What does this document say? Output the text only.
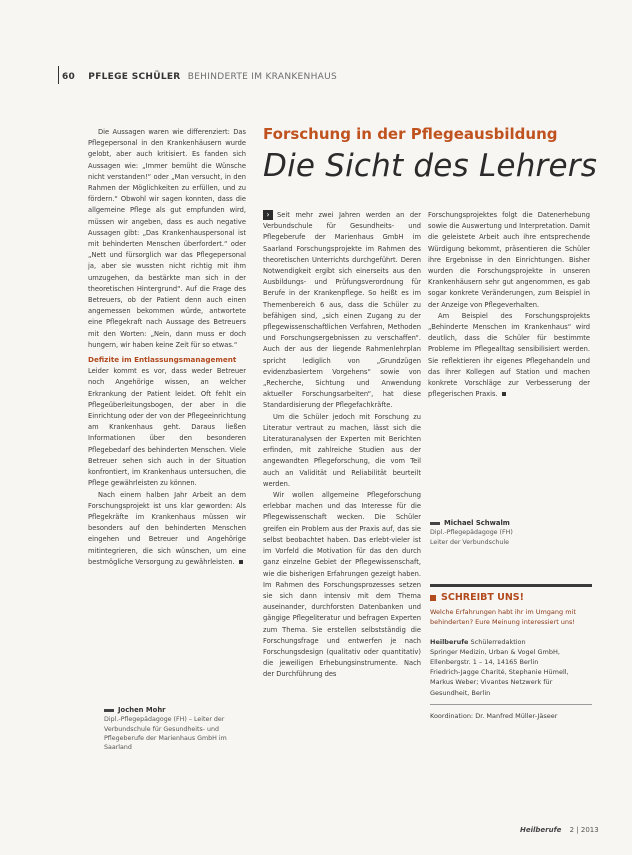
60 PFLEGE SCHÜLER BEHINDERTE IM KRANKENHAUS
Forschung in der Pflegeausbildung
Die Sicht des Lehrers

Die Aussagen waren wie differenziert: Das Pflegepersonal in den Krankenhäusern wurde gelobt, aber auch kritisiert. Es fanden sich Aussagen wie: „Immer bemüht die Wünsche nicht verstanden!“ oder „Man versucht, in den Rahmen der Möglichkeiten zu erfüllen, und zu fördern.“ Obwohl wir sagen konnten, dass die allgemeine Pflege als gut empfunden wird, müssen wir angeben, dass es auch negative Aussagen gibt: „Das Krankenhauspersonal ist mit behinderten Menschen überfordert.“ oder „Nett und fürsorglich war das Pflegepersonal ja, aber sie wussten nicht richtig mit ihm umzugehen, da bestärkte man sich in der theoretischen Hintergrund“. Auf die Frage des Betreuers, ob der Patient denn auch einen angemessen bekommen würde, antwortete eine Pflegekraft nach Aussage des Betreuers mit den Worten: „Nein, dann muss er doch hungern, wir haben keine Zeit für so etwas.“

Defizite im Entlassungsmanagement

Leider kommt es vor, dass weder Betreuer noch Angehörige wissen, an welcher Erkrankung der Patient leidet. Oft fehlt ein Pflegeüberleitungsbogen, der aber in die Einrichtung oder der von der Pflegeeinrichtung am Krankenhaus geht. Daraus ließen Informationen über den besonderen Pflegebedarf des behinderten Menschen. Viele Betreuer sehen sich auch in der Situation konfrontiert, im Krankenhaus untersuchen, die Pflege gewährleisten zu können.

Nach einem halben Jahr Arbeit an dem Forschungsprojekt ist uns klar geworden: Als Pflegekräfte im Krankenhaus müssen wir besonders auf den behinderten Menschen eingehen und Betreuer und Angehörige mitintegrieren, die sich wünschen, um eine bestmögliche Versorgung zu gewährleisten.

Jochen Mohr
Dipl.-Pflegepädagoge (FH) – Leiter der Verbundschule für Gesundheits- und Pflegeberufe der Marienhaus GmbH im Saarland

› Seit mehr zwei Jahren werden an der Verbundschule für Gesundheits- und Pflegeberufe der Marienhaus GmbH im Saarland Forschungsprojekte im Rahmen des theoretischen Unterrichts durchgeführt. Deren Notwendigkeit ergibt sich einerseits aus den Ausbildungs- und Prüfungsverordnung für Berufe in der Krankenpflege. So heißt es im Themenbereich 6 aus, dass die Schüler zu befähigen sind, „sich einen Zugang zu der pflegewissenschaftlichen Verfahren, Methoden und Forschungsergebnissen zu verschaffen“. Auch der aus der liegende Rahmenlehrplan spricht lediglich von „Grundzügen evidenzbasiertem Vorgehens“ sowie von „Recherche, Sichtung und Anwendung aktueller Forschungsarbeiten“, hat diese Standardisierung der Pflegefachkräfte.

Um die Schüler jedoch mit Forschung zu Literatur vertraut zu machen, lässt sich die Literaturanalysen der Experten mit Berichten erfinden, mit zahlreiche Studien aus der angewandten Pflegeforschung, die vom Teil auch an Validität und Reliabilität beurteilt werden.

Wir wollen allgemeine Pflegeforschung erlebbar machen und das Interesse für die Pflegewissenschaft wecken. Die Schüler greifen ein Problem aus der Praxis auf, das sie selbst beobachtet haben. Das erlebt-vieler ist im Vorfeld die Motivation für das den durch ganz einzelne Gebiet der Pflegewissenschaft, wie die bisherigen Erfahrungen gezeigt haben. Im Rahmen des Forschungsprozesses setzen sie sich dann intensiv mit dem Thema auseinander, durchforsten Datenbanken und gängige Pflegeliteratur und befragen Experten zum Thema. Sie erstellen selbstständig die Forschungsfrage und entwerfen je nach Forschungsdesign (qualitativ oder quantitativ) die jeweiligen Erhebungsinstrumente. Nach der Durchführung des

Forschungsprojektes folgt die Datenerhebung sowie die Auswertung und Interpretation. Damit die geleistete Arbeit auch ihre entsprechende Würdigung bekommt, präsentieren die Schüler ihre Ergebnisse in den Einrichtungen. Bisher wurden die Forschungsprojekte in unseren Krankenhäusern sehr gut angenommen, es gab sogar konkrete Veränderungen, zum Beispiel in der Anzeige von Pflegeverhalten.

Am Beispiel des Forschungsprojekts „Behinderte Menschen im Krankenhaus“ wird deutlich, dass die Schüler für bestimmte Probleme im Pflegealltag sensibilisiert werden. Sie reflektieren ihr eigenes Pflegehandeln und das ihrer Kollegen auf Station und machen konkrete Vorschläge zur Verbesserung der pflegerischen Praxis.

Michael Schwalm
Dipl.-Pflegepädagoge (FH)
Leiter der Verbundschule
SCHREIBT UNS!
Welche Erfahrungen habt ihr im Umgang mit behinderten? Eure Meinung interessiert uns!
Heilberufe Schülerredaktion
Springer Medizin, Urban & Vogel GmbH, Ellenbergstr. 1 – 14, 14165 Berlin
Friedrich-Jagge Charité, Stephanie Hümell, Markus Weber; Vivantes Netzwerk für Gesundheit, Berlin
Koordination: Dr. Manfred Müller-Jäseer
Heilberufe 2 | 2013
